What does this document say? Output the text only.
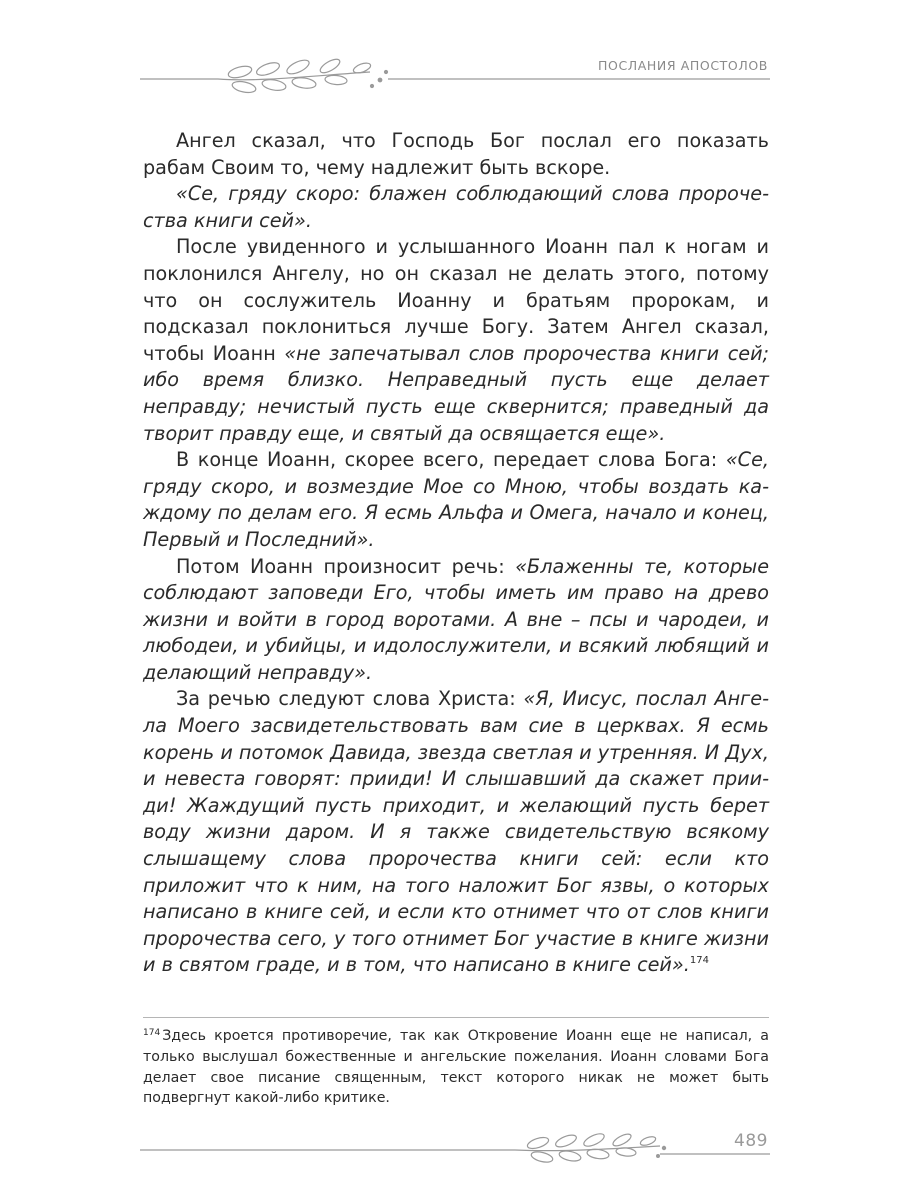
ПОСЛАНИЯ АПОСТОЛОВ

Ангел сказал, что Господь Бог послал его показать рабам Своим то, чему надлежит быть вскоре.

«Се, гряду скоро: блажен соблюдающий слова пророчества книги сей».

После увиденного и услышанного Иоанн пал к ногам и поклонился Ангелу, но он сказал не делать этого, потому что он сослужитель Иоанну и братьям пророкам, и подсказал поклониться лучше Богу. Затем Ангел сказал, чтобы Иоанн «не запечатывал слов пророчества книги сей; ибо время близко. Неправедный пусть еще делает неправду; нечистый пусть еще сквернится; праведный да творит правду еще, и святый да освящается еще».

В конце Иоанн, скорее всего, передает слова Бога: «Се, гряду скоро, и возмездие Мое со Мною, чтобы воздать каждому по делам его. Я есмь Альфа и Омега, начало и конец, Первый и Последний».

Потом Иоанн произносит речь: «Блаженны те, которые соблюдают заповеди Его, чтобы иметь им право на древо жизни и войти в город воротами. А вне – псы и чародеи, и любодеи, и убийцы, и идолослужители, и всякий любящий и делающий неправду».

За речью следуют слова Христа: «Я, Иисус, послал Ангела Моего засвидетельствовать вам сие в церквах. Я есмь корень и потомок Давида, звезда светлая и утренняя. И Дух, и невеста говорят: прииди! И слышавший да скажет прииди! Жаждущий пусть приходит, и желающий пусть берет воду жизни даром. И я также свидетельствую всякому слышащему слова пророчества книги сей: если кто приложит что к ним, на того наложит Бог язвы, о которых написано в книге сей, и если кто отнимет что от слов книги пророчества сего, у того отнимет Бог участие в книге жизни и в святом граде, и в том, что написано в книге сей».$^{174}$

$^{174}$ Здесь кроется противоречие, так как Откровение Иоанн еще не написал, а только выслушал божественные и ангельские пожелания. Иоанн словами Бога делает свое писание священным, текст которого никак не может быть подвергнут какой-либо критике.
489
